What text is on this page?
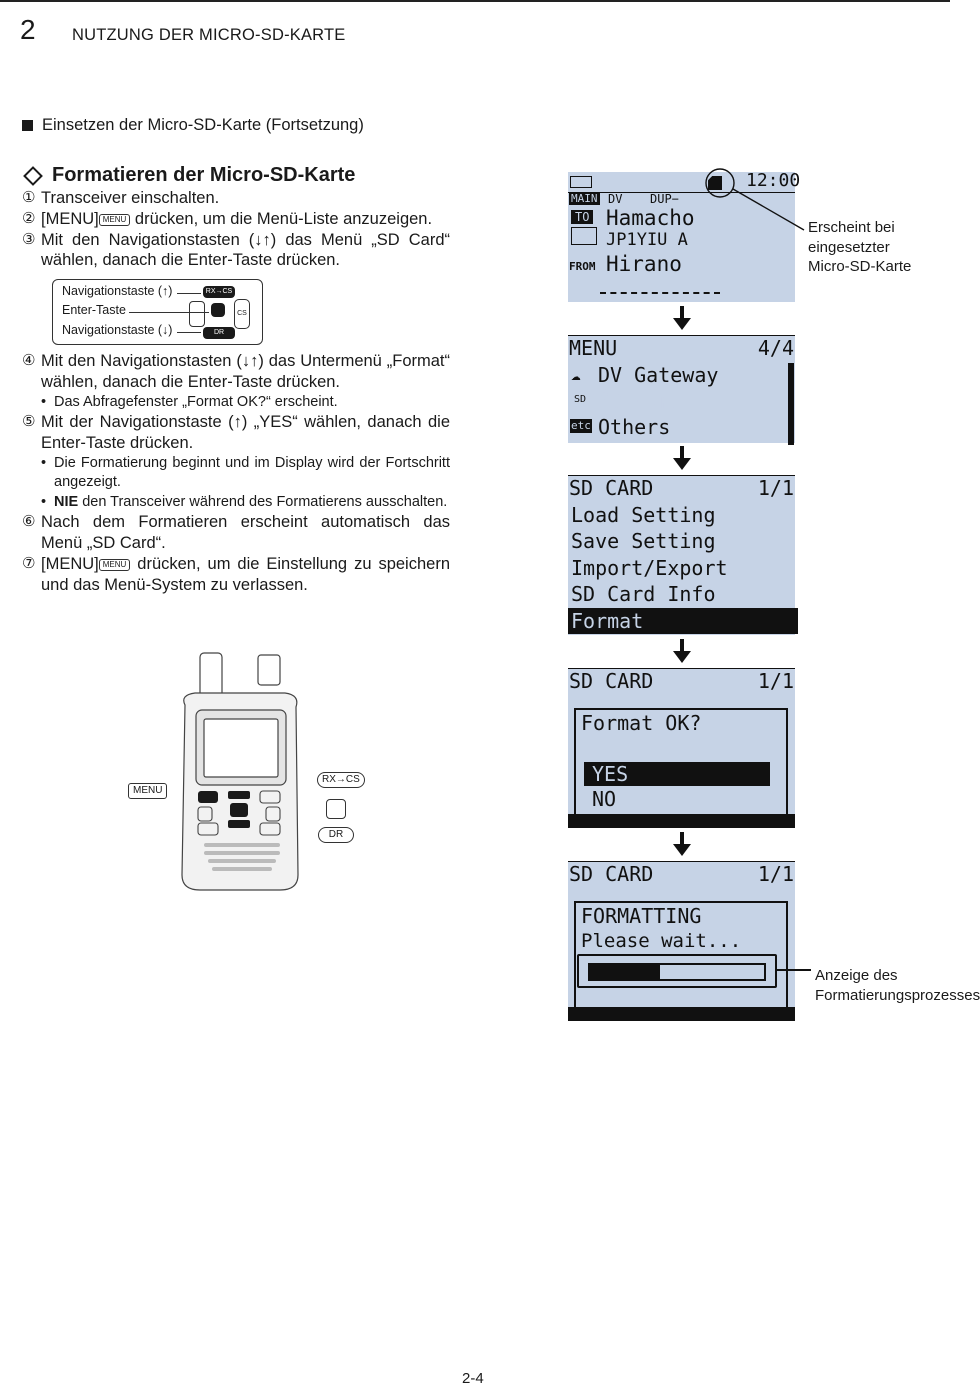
2 NUTZUNG DER MICRO-SD-KARTE
Einsetzen der Micro-SD-Karte (Fortsetzung)
Formatieren der Micro-SD-Karte
① Transceiver einschalten.
② [MENU] MENU drücken, um die Menü-Liste anzuzeigen.
③ Mit den Navigationstasten (↓↑) das Menü „SD Card“ wählen, danach die Enter-Taste drücken.
Navigationstaste (↑)
Enter-Taste
Navigationstaste (↓)
RX→CS
CS
DR
④ Mit den Navigationstasten (↓↑) das Untermenü „Format“ wählen, danach die Enter-Taste drücken.
• Das Abfragefenster „Format OK?“ erscheint.
⑤ Mit der Navigationstaste (↑) „YES“ wählen, danach die Enter-Taste drücken.
• Die Formatierung beginnt und im Display wird der Fortschritt angezeigt.
• NIE den Transceiver während des Formatierens ausschalten.
⑥ Nach dem Formatieren erscheint automatisch das Menü „SD Card“.
⑦ [MENU] MENU drücken, um die Einstellung zu speichern und das Menü-System zu verlassen.
MENU
RX→CS
DR
12:00
MAIN DV DUP−
TO Hamacho
JP1YIU A
FROM Hirano
Erscheint bei eingesetzter Micro-SD-Karte
MENU	4/4
☁ DV Gateway
SD SD Card
etc Others
SD CARD	1/1
Load Setting
Save Setting
Import/Export
SD Card Info
Format
SD CARD	1/1
Format OK?
YES
NO
SD CARD	1/1
FORMATTING
Please wait...
Anzeige des Formatierungsprozesses
2-4
